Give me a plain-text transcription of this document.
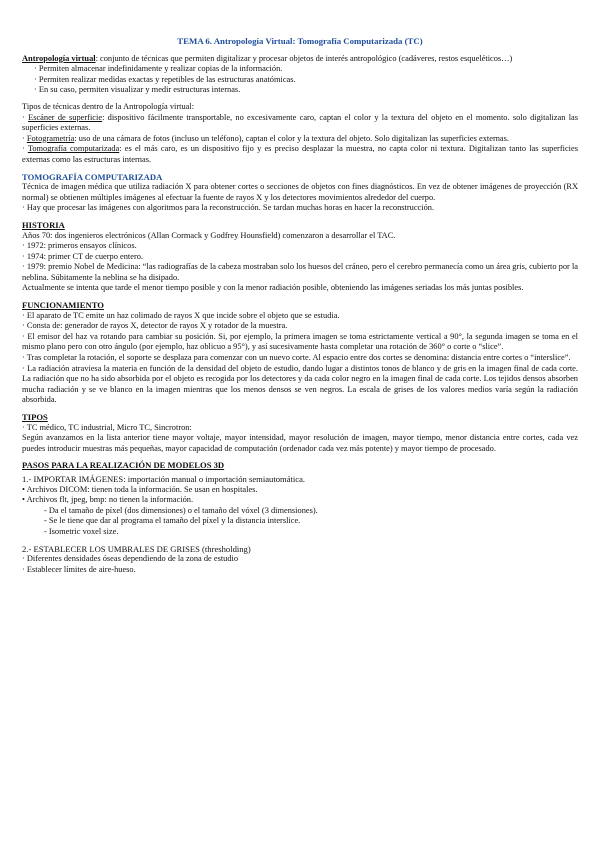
TEMA 6. Antropología Virtual: Tomografía Computarizada (TC)

Antropología virtual: conjunto de técnicas que permiten digitalizar y procesar objetos de interés antropológico (cadáveres, restos esqueléticos…)

· Permiten almacenar indefinidamente y realizar copias de la información.

· Permiten realizar medidas exactas y repetibles de las estructuras anatómicas.

· En su caso, permiten visualizar y medir estructuras internas.

Tipos de técnicas dentro de la Antropología virtual:

· Escáner de superficie: dispositivo fácilmente transportable, no excesivamente caro, captan el color y la textura del objeto en el momento. solo digitalizan las superficies externas.

· Fotogrametría: uso de una cámara de fotos (incluso un teléfono), captan el color y la textura del objeto. Solo digitalizan las superficies externas.

· Tomografía computarizada: es el más caro, es un dispositivo fijo y es preciso desplazar la muestra, no capta color ni textura. Digitalizan tanto las superficies externas como las estructuras internas.

TOMOGRAFÍA COMPUTARIZADA

Técnica de imagen médica que utiliza radiación X para obtener cortes o secciones de objetos con fines diagnósticos. En vez de obtener imágenes de proyección (RX normal) se obtienen múltiples imágenes al efectuar la fuente de rayos X y los detectores movimientos alrededor del cuerpo.

· Hay que procesar las imágenes con algoritmos para la reconstrucción. Se tardan muchas horas en hacer la reconstrucción.

HISTORIA

Años 70: dos ingenieros electrónicos (Allan Cormack y Godfrey Hounsfield) comenzaron a desarrollar el TAC.

· 1972: primeros ensayos clínicos.

· 1974: primer CT de cuerpo entero.

· 1979: premio Nobel de Medicina: “las radiografías de la cabeza mostraban solo los huesos del cráneo, pero el cerebro permanecía como un área gris, cubierto por la neblina. Súbitamente la neblina se ha disipado.

Actualmente se intenta que tarde el menor tiempo posible y con la menor radiación posible, obteniendo las imágenes seriadas los más juntas posibles.

FUNCIONAMIENTO

· El aparato de TC emite un haz colimado de rayos X que incide sobre el objeto que se estudia.

· Consta de: generador de rayos X, detector de rayos X y rotador de la muestra.

· El emisor del haz va rotando para cambiar su posición. Si, por ejemplo, la primera imagen se toma estrictamente vertical a 90°, la segunda imagen se toma en el mismo plano pero con otro ángulo (por ejemplo, haz oblicuo a 95°), y así sucesivamente hasta completar una rotación de 360° o corte o “slice”.

· Tras completar la rotación, el soporte se desplaza para comenzar con un nuevo corte. Al espacio entre dos cortes se denomina: distancia entre cortes o “interslice”.

· La radiación atraviesa la materia en función de la densidad del objeto de estudio, dando lugar a distintos tonos de blanco y de gris en la imagen final de cada corte. La radiación que no ha sido absorbida por el objeto es recogida por los detectores y da cada color negro en la imagen final de cada corte. Los tejidos densos absorben mucha radiación y se ve blanco en la imagen mientras que los menos densos se ven negros. La escala de grises de los valores medios varía según la radiación absorbida.

TIPOS

· TC médico, TC industrial, Micro TC, Sincrotron:

Según avanzamos en la lista anterior tiene mayor voltaje, mayor intensidad, mayor resolución de imagen, mayor tiempo, menor distancia entre cortes, cada vez puedes introducir muestras más pequeñas, mayor capacidad de computación (ordenador cada vez más potente) y mayor tiempo de procesado.

PASOS PARA LA REALIZACIÓN DE MODELOS 3D

1.- IMPORTAR IMÁGENES: importación manual o importación semiautomática.

• Archivos DICOM: tienen toda la información. Se usan en hospitales.

• Archivos flt, jpeg, bmp: no tienen la información.

- Da el tamaño de píxel (dos dimensiones) o el tamaño del vóxel (3 dimensiones).

- Se le tiene que dar al programa el tamaño del píxel y la distancia interslice.

- Isometric voxel size.

2.- ESTABLECER LOS UMBRALES DE GRISES (thresholding)

· Diferentes densidades óseas dependiendo de la zona de estudio

· Establecer límites de aire-hueso.
